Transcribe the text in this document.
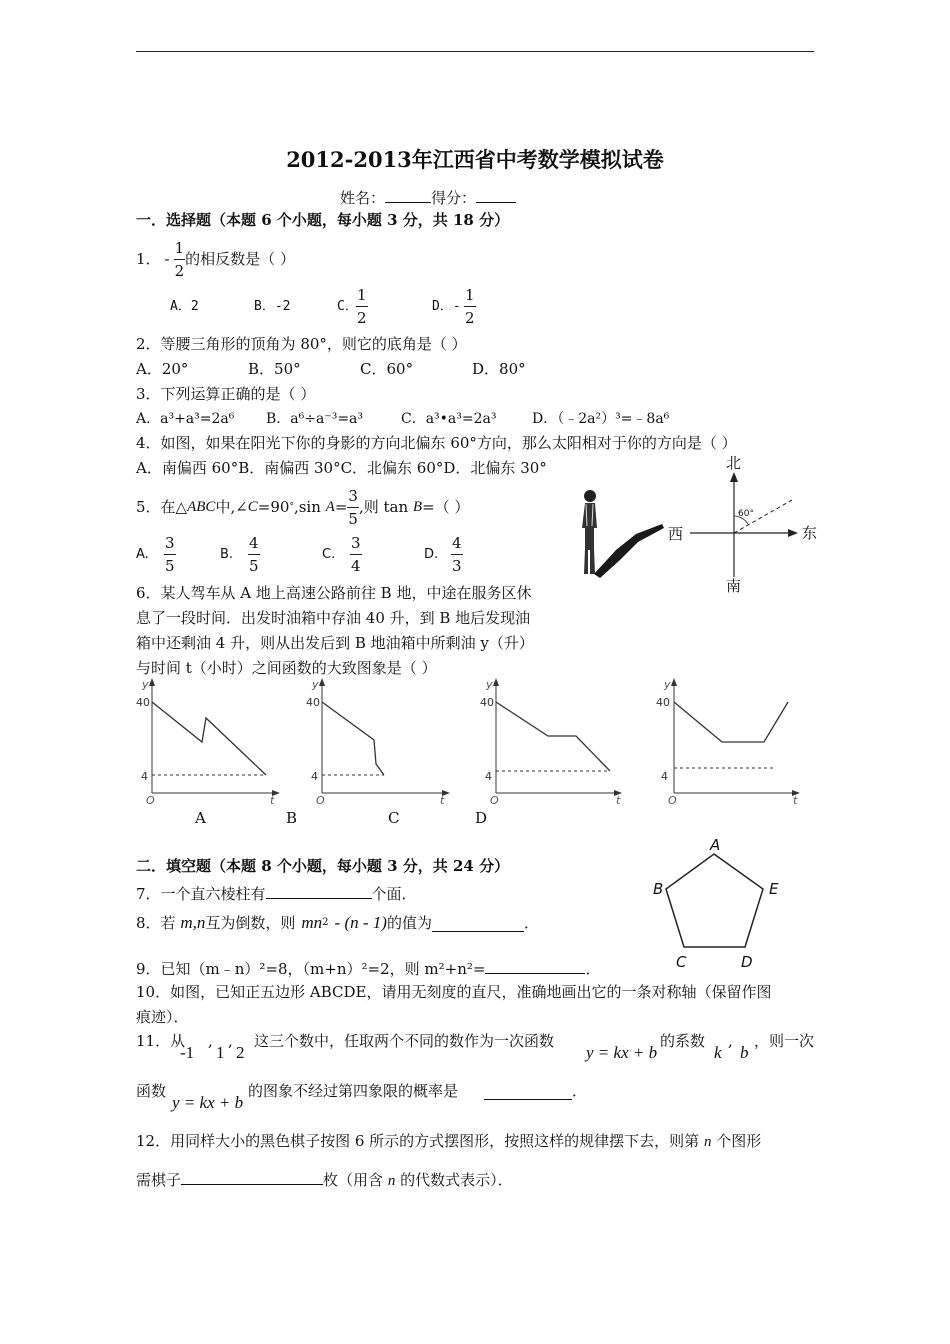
2012-2013年江西省中考数学模拟试卷
姓名：	得分：
一．选择题（本题 6 个小题，每小题 3 分，共 18 分）
1． - $\frac{1}{2}$ 的相反数是（ ）
A．2	B．-2	C．
$\frac{1}{2}$	D．- $\frac{1}{2}$
2．等腰三角形的顶角为 80°，则它的底角是（ ）
A．20°	B．50°	C．60°	D．80°
3．下列运算正确的是（ ）
A．a³+a³=2a⁶ B．a⁶÷a⁻³=a³	C．a³•a³=2a³	D．（﹣2a²）³=﹣8a⁶
4．如图，如果在阳光下你的身影的方向北偏东 60°方向，那么太阳相对于你的方向是（ ）
A．南偏西 60°B．南偏西 30°C．北偏东 60°D．北偏东 30°
5．在△ ABC 中,∠ C =90 ° ,sin
$A = \frac{3}{5}$ ,则 tan
B =（ ）
A. $\frac{3}{5}$	B. $\frac{4}{5}$	C. $\frac{3}{4}$	D. $\frac{4}{3}$
60°
北
南
西	东
6．某人驾车从 A 地上高速公路前往 B 地，中途在服务区休
息了一段时间．出发时油箱中存油 40 升，到 B 地后发现油
箱中还剩油 4 升，则从出发后到 B 地油箱中所剩油 y（升）
与时间 t（小时）之间函数的大致图象是（ ）
y
t
O
40
4
y
t
O
40
4
y
t
O
40
4
y
t
O
40
4
A	B	C	D
二．填空题（本题 8 个小题，每小题 3 分，共 24 分）
A
B	E
C	D
7．一个直六棱柱有	个面．
8．若
m,n 互为倒数，则 mn 2 - (n - 1) 的值为	．
9．已知（m﹣n）²=8，（m+n）²=2，则 m²+n²=	．
10．如图，已知正五边形 ABCDE，请用无刻度的直尺，准确地画出它的一条对称轴（保留作图
痕迹）．
11．从
-1
,
1
,
2
这三个数中，任取两个不同的数作为一次函数
y = kx + b
的系数
k
,
b
，则一次
函数
y = kx + b
的图象不经过第四象限的概率是	．
12．用同样大小的黑色棋子按图 6 所示的方式摆图形，按照这样的规律摆下去，则第 n 个图形
需棋子	枚（用含 n 的代数式表示）．
